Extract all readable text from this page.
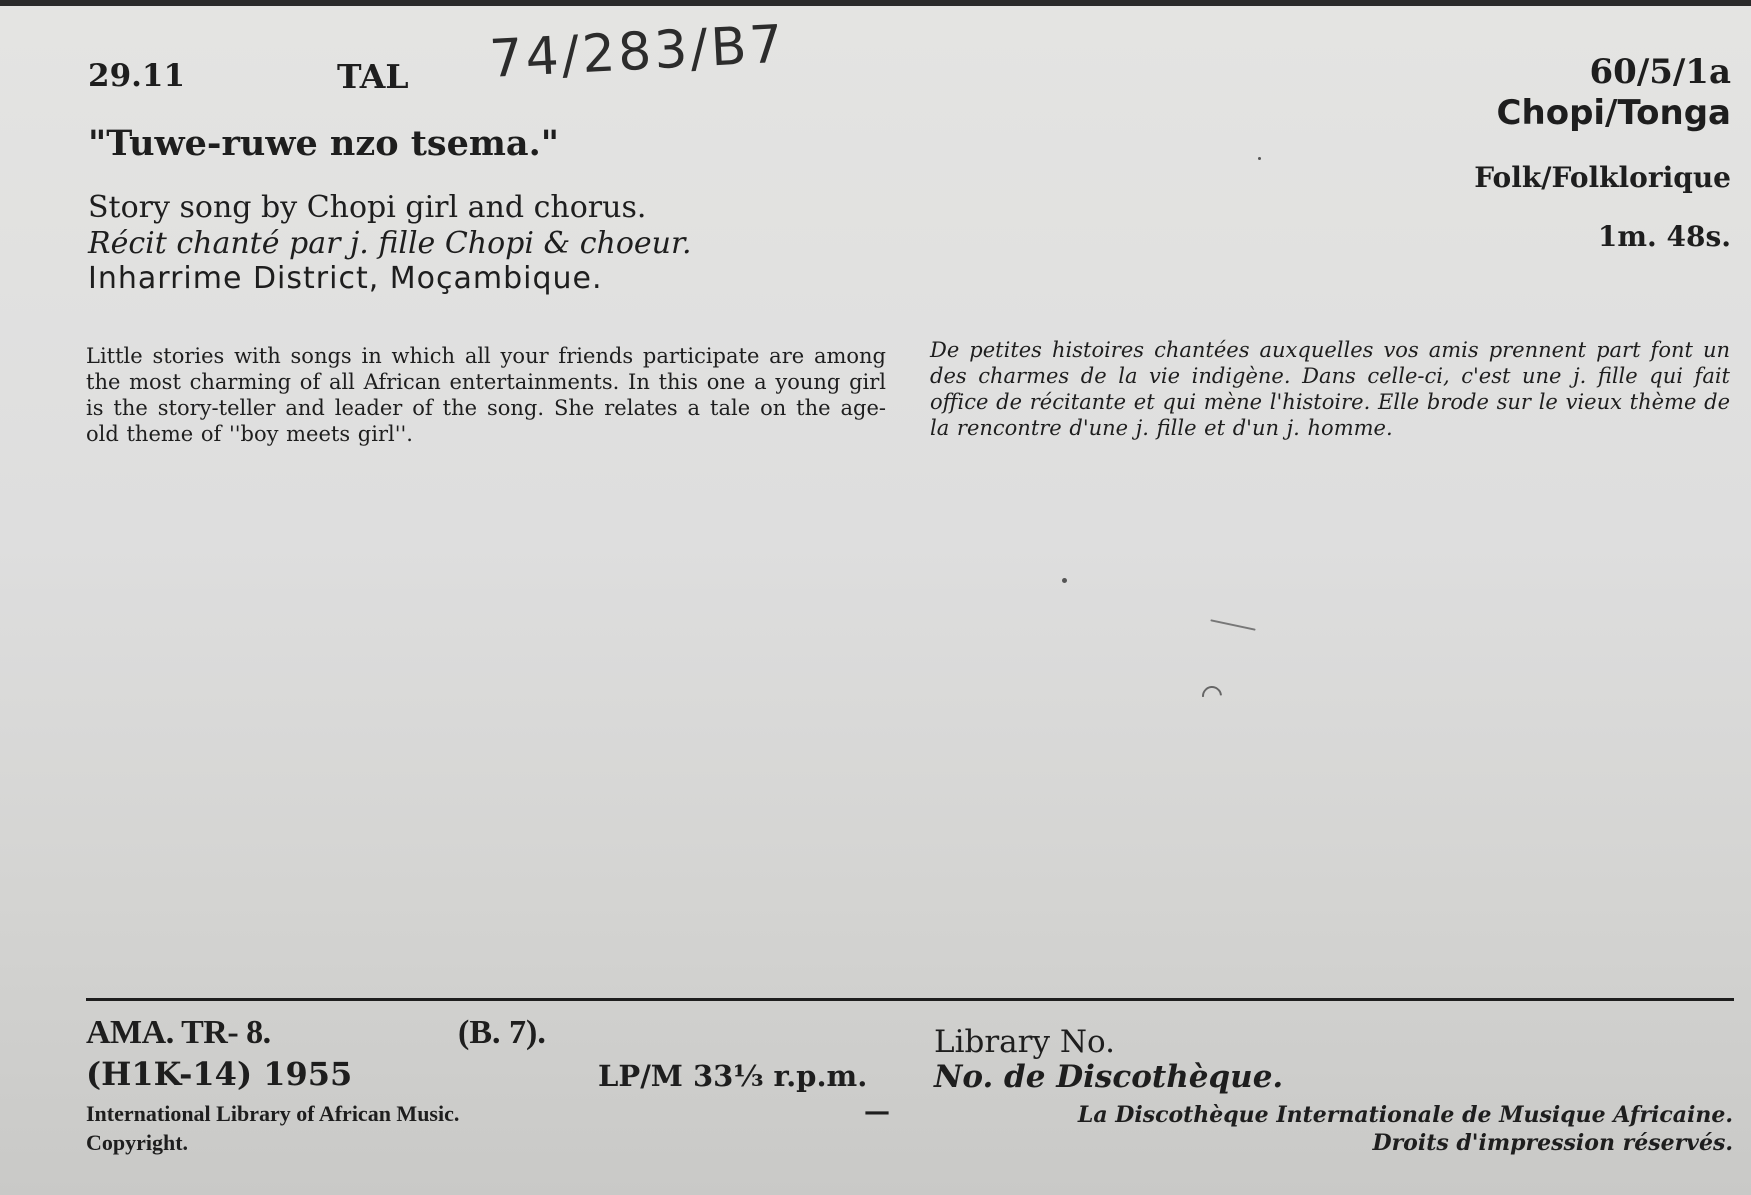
29.11	TAL 74/283/B7
"Tuwe-ruwe nzo tsema."
Story song by Chopi girl and chorus.
Récit chanté par j. fille Chopi & choeur.
Inharrime District, Moçambique.
60/5/1a
Chopi/Tonga
Folk/Folklorique
1m. 48s.
Little stories with songs in which all your friends participate are among the most charming of all African entertainments. In this one a young girl is the story-teller and leader of the song. She relates a tale on the age-old theme of ''boy meets girl''.
De petites histoires chantées auxquelles vos amis prennent part font un des charmes de la vie indigène. Dans celle-ci, c'est une j. fille qui fait office de récitante et qui mène l'histoire. Elle brode sur le vieux thème de la rencontre d'une j. fille et d'un j. homme.
AMA. TR- 8.	(B. 7).
(H1K-14) 1955	LP/M 33⅓ r.p.m.
Library No.
No. de Discothèque.
International Library of African Music.
Copyright.
—	La Discothèque Internationale de Musique Africaine.
Droits d'impression réservés.
